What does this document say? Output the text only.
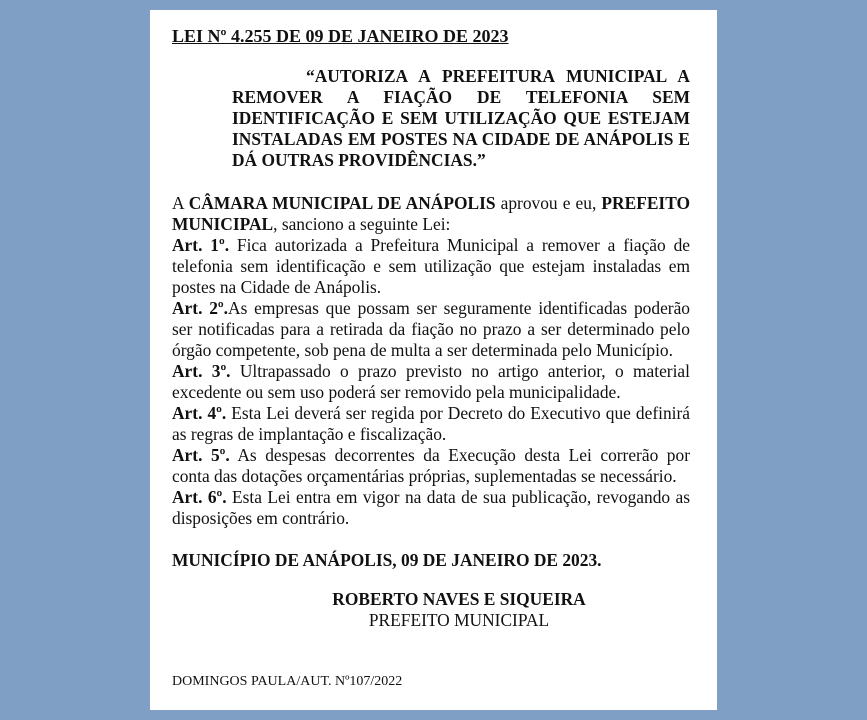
LEI Nº 4.255 DE 09 DE JANEIRO DE 2023

“AUTORIZA A PREFEITURA MUNICIPAL A REMOVER A FIAÇÃO DE TELEFONIA SEM IDENTIFICAÇÃO E SEM UTILIZAÇÃO QUE ESTEJAM INSTALADAS EM POSTES NA CIDADE DE ANÁPOLIS E DÁ OUTRAS PROVIDÊNCIAS.”

A CÂMARA MUNICIPAL DE ANÁPOLIS aprovou e eu, PREFEITO MUNICIPAL, sanciono a seguinte Lei:

Art. 1º. Fica autorizada a Prefeitura Municipal a remover a fiação de telefonia sem identificação e sem utilização que estejam instaladas em postes na Cidade de Anápolis.

Art. 2º.As empresas que possam ser seguramente identificadas poderão ser notificadas para a retirada da fiação no prazo a ser determinado pelo órgão competente, sob pena de multa a ser determinada pelo Município.

Art. 3º. Ultrapassado o prazo previsto no artigo anterior, o material excedente ou sem uso poderá ser removido pela municipalidade.

Art. 4º. Esta Lei deverá ser regida por Decreto do Executivo que definirá as regras de implantação e fiscalização.

Art. 5º. As despesas decorrentes da Execução desta Lei correrão por conta das dotações orçamentárias próprias, suplementadas se necessário.

Art. 6º. Esta Lei entra em vigor na data de sua publicação, revogando as disposições em contrário.

MUNICÍPIO DE ANÁPOLIS, 09 DE JANEIRO DE 2023.
ROBERTO NAVES E SIQUEIRA
PREFEITO MUNICIPAL
DOMINGOS PAULA/AUT. Nº107/2022
